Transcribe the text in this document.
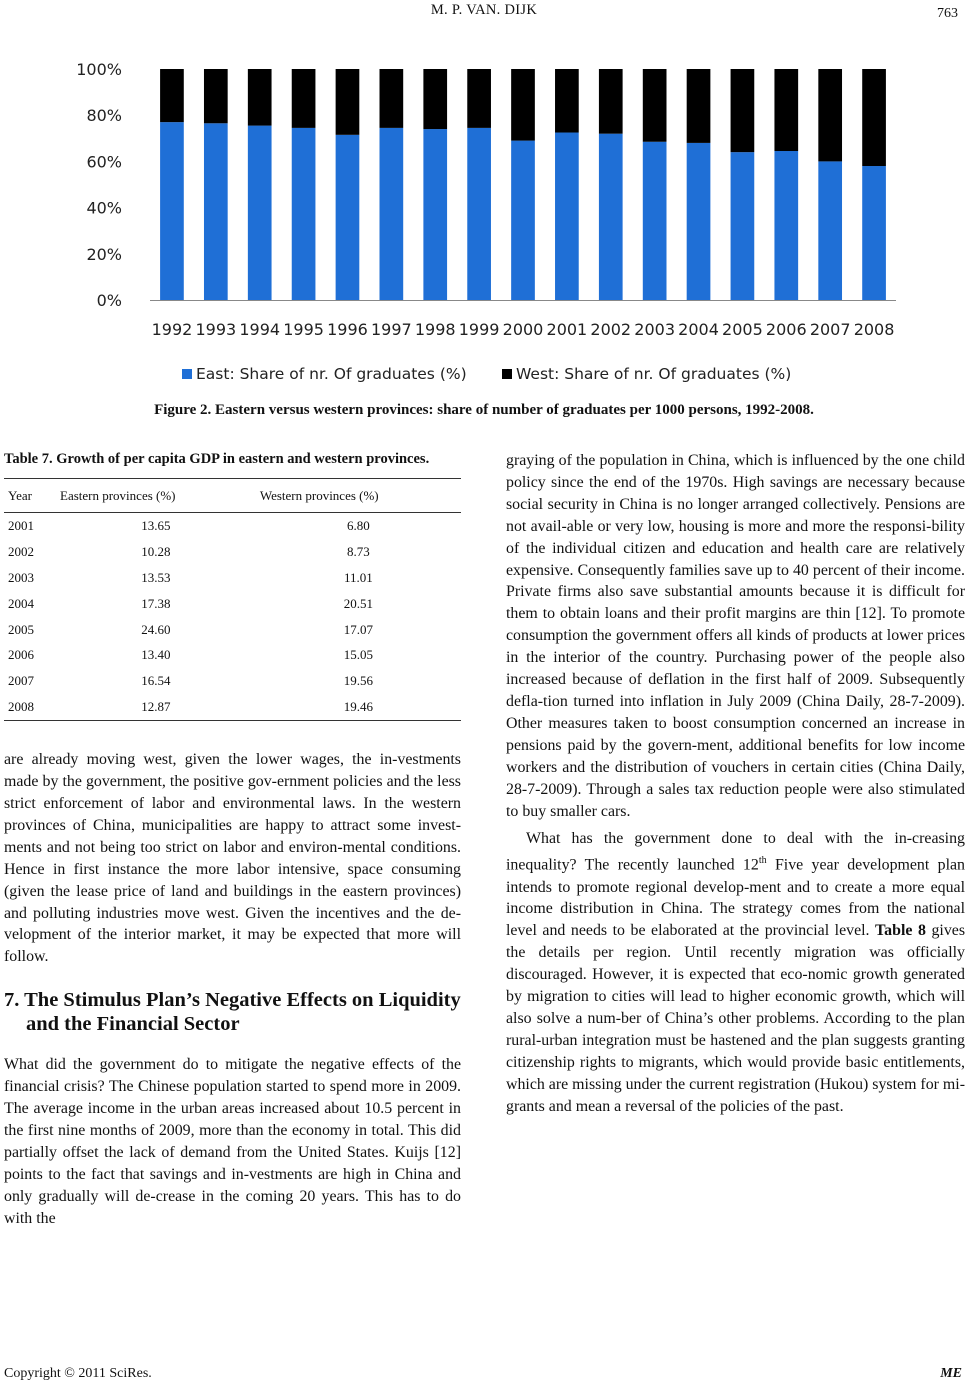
M. P. VAN. DIJK	763
0%
20%
40%
60%
80%
100%
1992 1993 1994 1995 1996 1997 1998 1999 2000 2001 2002 2003 2004 2005 2006 2007 2008
East: Share of nr. Of graduates (%)	West: Share of nr. Of graduates (%)
Figure 2. Eastern versus western provinces: share of number of graduates per 1000 persons, 1992-2008.

Table 7. Growth of per capita GDP in eastern and western provinces.

Year	Eastern provinces (%)	Western provinces (%)
2001	13.65	6.80
2002	10.28	8.73
2003	13.53	11.01
2004	17.38	20.51
2005	24.60	17.07
2006	13.40	15.05
2007	16.54	19.56
2008	12.87	19.46

are already moving west, given the lower wages, the in-vestments made by the government, the positive gov-ernment policies and the less strict enforcement of labor and environmental laws. In the western provinces of China, municipalities are happy to attract some invest-ments and not being too strict on labor and environ-mental conditions. Hence in first instance the more labor intensive, space consuming (given the lease price of land and buildings in the eastern provinces) and polluting industries move west. Given the incentives and the de-velopment of the interior market, it may be expected that more will follow.

7. The Stimulus Plan’s Negative Effects on Liquidity and the Financial Sector

What did the government do to mitigate the negative effects of the financial crisis? The Chinese population started to spend more in 2009. The average income in the urban areas increased about 10.5 percent in the first nine months of 2009, more than the economy in total. This did partially offset the lack of demand from the United States. Kuijs [12] points to the fact that savings and in-vestments are high in China and only gradually will de-crease in the coming 20 years. This has to do with the

graying of the population in China, which is influenced by the one child policy since the end of the 1970s. High savings are necessary because social security in China is no longer arranged collectively. Pensions are not avail-able or very low, housing is more and more the responsi-bility of the individual citizen and education and health care are relatively expensive. Consequently families save up to 40 percent of their income. Private firms also save substantial amounts because it is difficult for them to obtain loans and their profit margins are thin [12]. To promote consumption the government offers all kinds of products at lower prices in the interior of the country. Purchasing power of the people also increased because of deflation in the first half of 2009. Subsequently defla-tion turned into inflation in July 2009 (China Daily, 28-7-2009). Other measures taken to boost consumption concerned an increase in pensions paid by the govern-ment, additional benefits for low income workers and the distribution of vouchers in certain cities (China Daily, 28-7-2009). Through a sales tax reduction people were also stimulated to buy smaller cars.

What has the government done to deal with the in-creasing inequality? The recently launched 12th Five year development plan intends to promote regional develop-ment and to create a more equal income distribution in China. The strategy comes from the national level and needs to be elaborated at the provincial level. Table 8 gives the details per region. Until recently migration was officially discouraged. However, it is expected that eco-nomic growth generated by migration to cities will lead to higher economic growth, which will also solve a num-ber of China’s other problems. According to the plan rural-urban integration must be hastened and the plan suggests granting citizenship rights to migrants, which would provide basic entitlements, which are missing under the current registration (Hukou) system for mi-grants and mean a reversal of the policies of the past.

Copyright © 2011 SciRes.	ME
